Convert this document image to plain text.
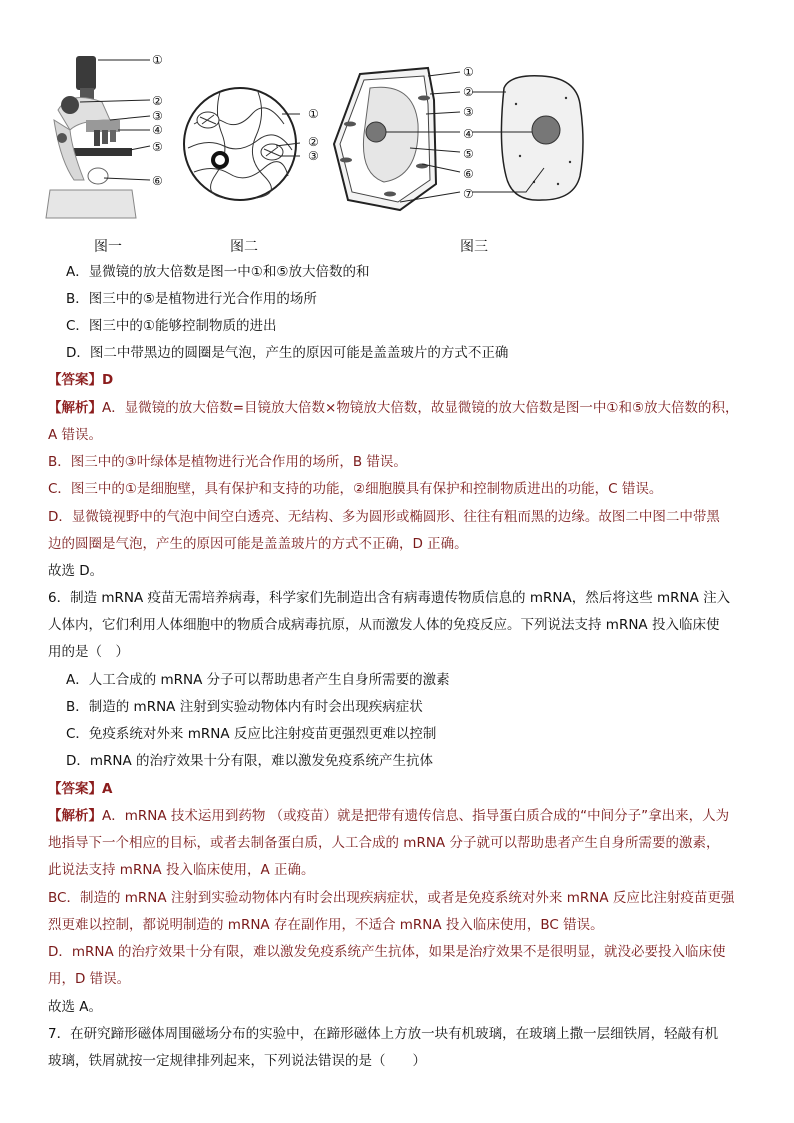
①
②
③
④
⑤
⑥
①
②
③
①
②
③
④
⑤
⑥
⑦
图一	图二	图三
A．显微镜的放大倍数是图一中①和⑤放大倍数的和
B．图三中的⑤是植物进行光合作用的场所
C．图三中的①能够控制物质的进出
D．图二中带黑边的圆圈是气泡，产生的原因可能是盖盖玻片的方式不正确
【答案】D
【解析】A．显微镜的放大倍数=目镜放大倍数×物镜放大倍数，故显微镜的放大倍数是图一中①和⑤放大倍数的积，
A 错误。
B．图三中的③叶绿体是植物进行光合作用的场所，B 错误。
C．图三中的①是细胞壁，具有保护和支持的功能，②细胞膜具有保护和控制物质进出的功能，C 错误。
D．显微镜视野中的气泡中间空白透亮、无结构、多为圆形或椭圆形、往往有粗而黑的边缘。故图二中图二中带黑
边的圆圈是气泡，产生的原因可能是盖盖玻片的方式不正确，D 正确。
故选 D。
6．制造 mRNA 疫苗无需培养病毒，科学家们先制造出含有病毒遗传物质信息的 mRNA，然后将这些 mRNA 注入
人体内，它们利用人体细胞中的物质合成病毒抗原，从而激发人体的免疫反应。下列说法支持 mRNA 投入临床使
用的是（　）
A．人工合成的 mRNA 分子可以帮助患者产生自身所需要的激素
B．制造的 mRNA 注射到实验动物体内有时会出现疾病症状
C．免疫系统对外来 mRNA 反应比注射疫苗更强烈更难以控制
D．mRNA 的治疗效果十分有限，难以激发免疫系统产生抗体
【答案】A
【解析】A．mRNA 技术运用到药物 （或疫苗）就是把带有遗传信息、指导蛋白质合成的“中间分子”拿出来，人为
地指导下一个相应的目标，或者去制备蛋白质，人工合成的 mRNA 分子就可以帮助患者产生自身所需要的激素，
此说法支持 mRNA 投入临床使用，A 正确。
BC．制造的 mRNA 注射到实验动物体内有时会出现疾病症状，或者是免疫系统对外来 mRNA 反应比注射疫苗更强
烈更难以控制，都说明制造的 mRNA 存在副作用，不适合 mRNA 投入临床使用，BC 错误。
D．mRNA 的治疗效果十分有限，难以激发免疫系统产生抗体，如果是治疗效果不是很明显，就没必要投入临床使
用，D 错误。
故选 A。
7．在研究蹄形磁体周围磁场分布的实验中，在蹄形磁体上方放一块有机玻璃，在玻璃上撒一层细铁屑，轻敲有机
玻璃，铁屑就按一定规律排列起来，下列说法错误的是（　　）
